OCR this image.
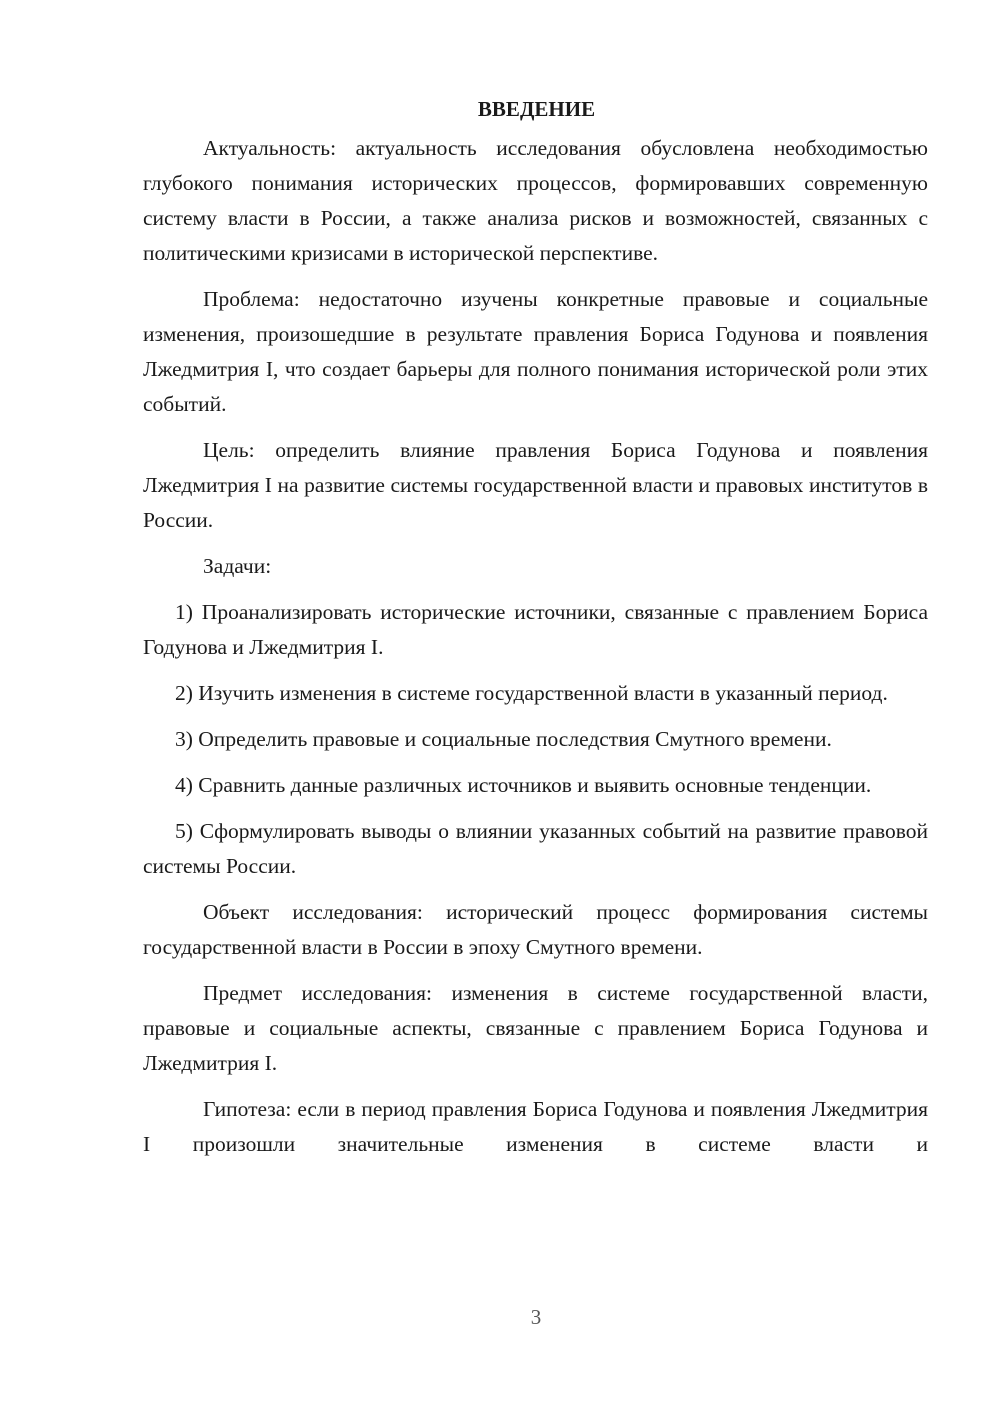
ВВЕДЕНИЕ

Актуальность: актуальность исследования обусловлена необходимостью глубокого понимания исторических процессов, формировавших современную систему власти в России, а также анализа рисков и возможностей, связанных с политическими кризисами в исторической перспективе.

Проблема: недостаточно изучены конкретные правовые и социальные изменения, произошедшие в результате правления Бориса Годунова и появления Лжедмитрия I, что создает барьеры для полного понимания исторической роли этих событий.

Цель: определить влияние правления Бориса Годунова и появления Лжедмитрия I на развитие системы государственной власти и правовых институтов в России.

Задачи:

1) Проанализировать исторические источники, связанные с правлением Бориса Годунова и Лжедмитрия I.

2) Изучить изменения в системе государственной власти в указанный период.

3) Определить правовые и социальные последствия Смутного времени.

4) Сравнить данные различных источников и выявить основные тенденции.

5) Сформулировать выводы о влиянии указанных событий на развитие правовой системы России.

Объект исследования: исторический процесс формирования системы государственной власти в России в эпоху Смутного времени.

Предмет исследования: изменения в системе государственной власти, правовые и социальные аспекты, связанные с правлением Бориса Годунова и Лжедмитрия I.

Гипотеза: если в период правления Бориса Годунова и появления Лжедмитрия I произошли значительные изменения в системе власти и

3
